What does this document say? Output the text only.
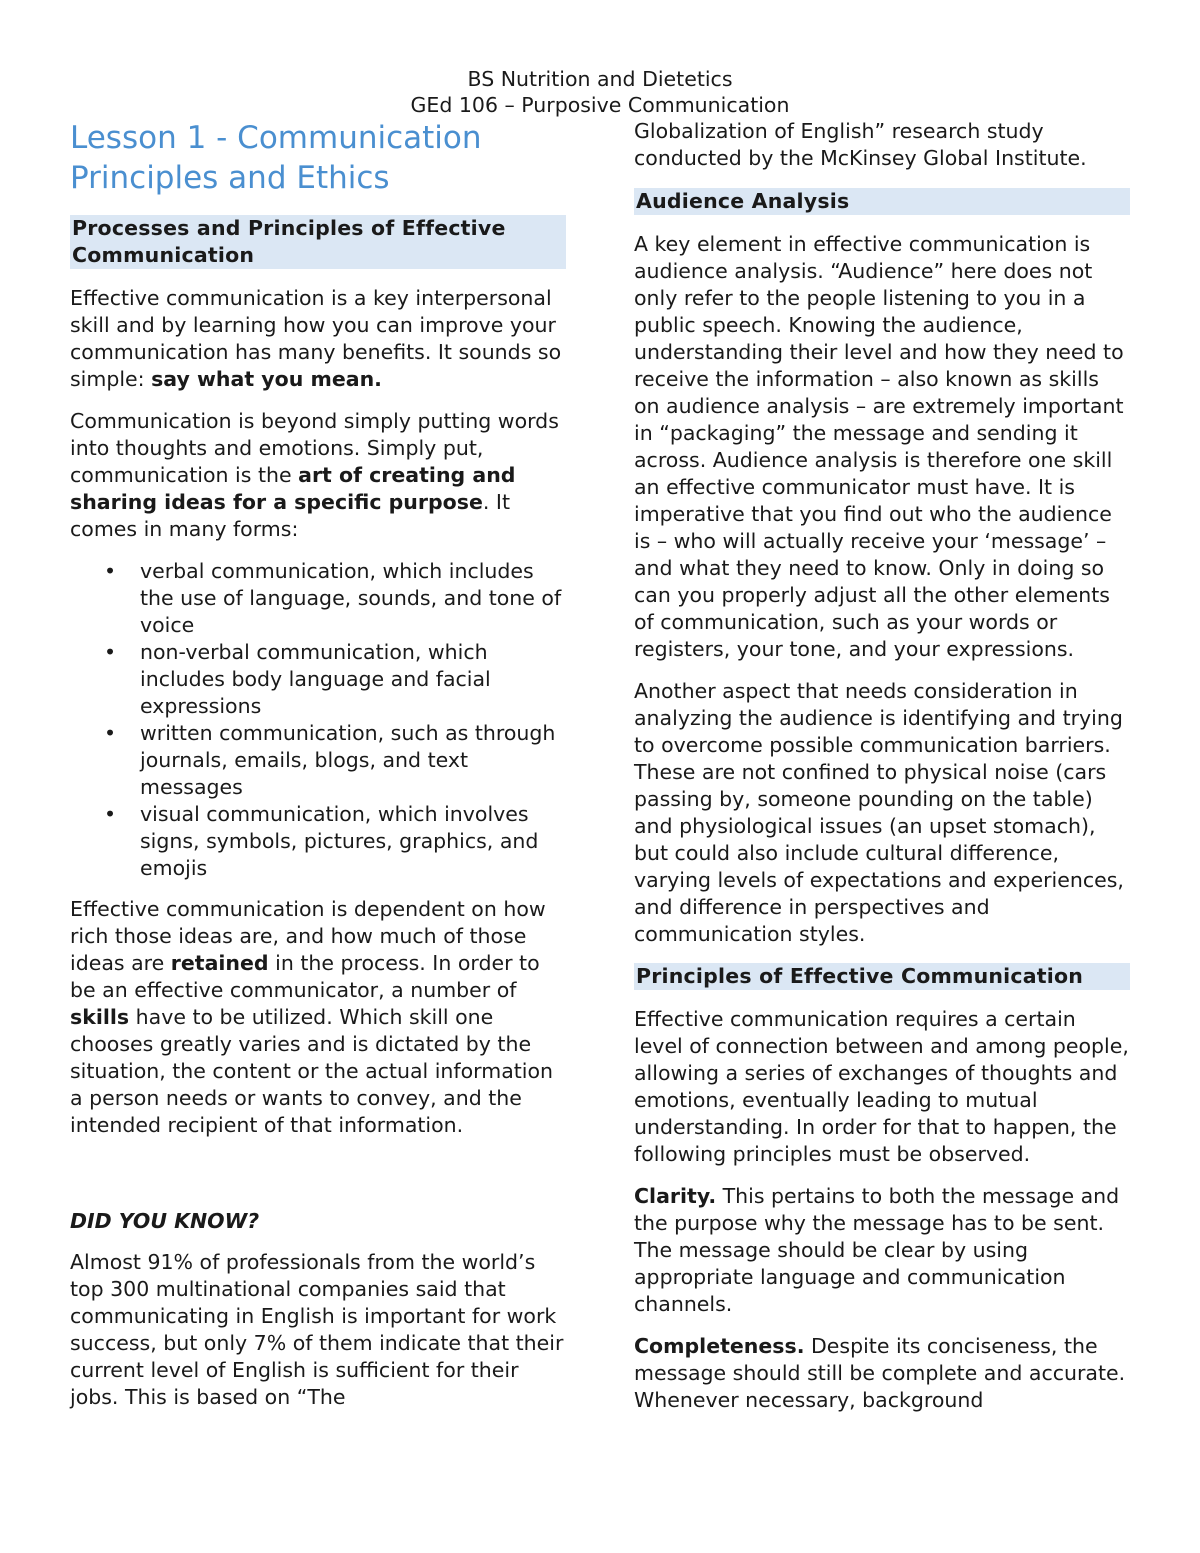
BS Nutrition and Dietetics
GEd 106 – Purposive Communication
Lesson 1 - Communication Principles and Ethics
Processes and Principles of Effective Communication

Effective communication is a key interpersonal skill and by learning how you can improve your communication has many benefits. It sounds so simple: say what you mean.

Communication is beyond simply putting words into thoughts and emotions. Simply put, communication is the art of creating and sharing ideas for a specific purpose. It comes in many forms:

• verbal communication, which includes the use of language, sounds, and tone of voice
• non-verbal communication, which includes body language and facial expressions
• written communication, such as through journals, emails, blogs, and text messages
• visual communication, which involves signs, symbols, pictures, graphics, and emojis

Effective communication is dependent on how rich those ideas are, and how much of those ideas are retained in the process. In order to be an effective communicator, a number of skills have to be utilized. Which skill one chooses greatly varies and is dictated by the situation, the content or the actual information a person needs or wants to convey, and the intended recipient of that information.

DID YOU KNOW?

Almost 91% of professionals from the world’s top 300 multinational companies said that communicating in English is important for work success, but only 7% of them indicate that their current level of English is sufficient for their jobs. This is based on “The

Globalization of English” research study conducted by the McKinsey Global Institute.

Audience Analysis

A key element in effective communication is audience analysis. “Audience” here does not only refer to the people listening to you in a public speech. Knowing the audience, understanding their level and how they need to receive the information – also known as skills on audience analysis – are extremely important in “packaging” the message and sending it across. Audience analysis is therefore one skill an effective communicator must have. It is imperative that you find out who the audience is – who will actually receive your ‘message’ – and what they need to know. Only in doing so can you properly adjust all the other elements of communication, such as your words or registers, your tone, and your expressions.

Another aspect that needs consideration in analyzing the audience is identifying and trying to overcome possible communication barriers. These are not confined to physical noise (cars passing by, someone pounding on the table) and physiological issues (an upset stomach), but could also include cultural difference, varying levels of expectations and experiences, and difference in perspectives and communication styles.

Principles of Effective Communication

Effective communication requires a certain level of connection between and among people, allowing a series of exchanges of thoughts and emotions, eventually leading to mutual understanding. In order for that to happen, the following principles must be observed.

Clarity. This pertains to both the message and the purpose why the message has to be sent. The message should be clear by using appropriate language and communication channels.

Completeness. Despite its conciseness, the message should still be complete and accurate. Whenever necessary, background
